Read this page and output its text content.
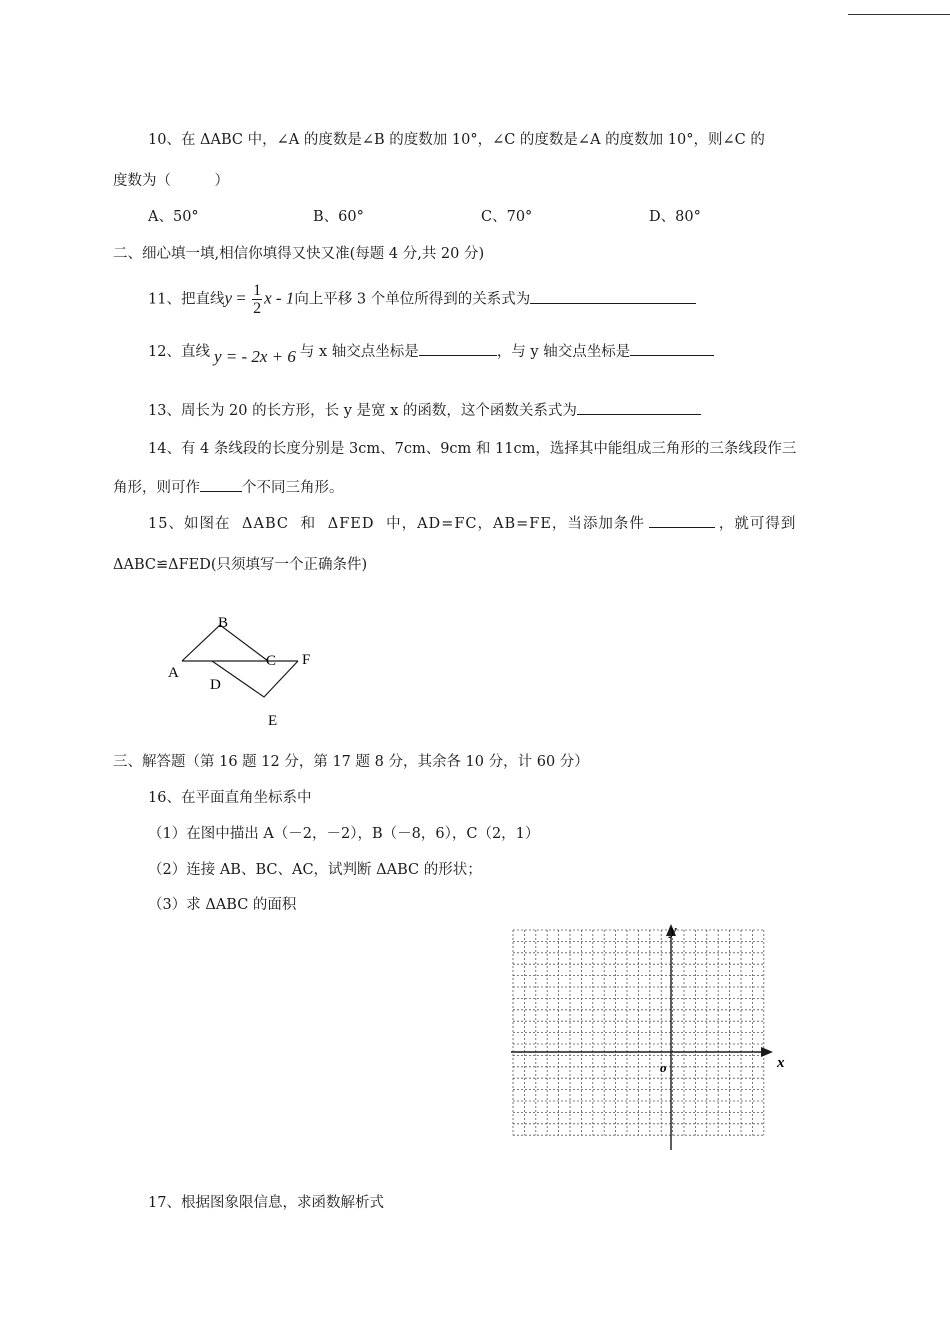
10、在 ΔABC 中，∠A 的度数是∠B 的度数加 10°，∠C 的度数是∠A 的度数加 10°，则∠C 的
度数为（　　　）
A、50°	B、60°	C、70°	D、80°
二、细心填一填,相信你填得又快又准(每题 4 分,共 20 分)
11、把直线$y = \frac{1}{2}$ x - 1向上平移 3 个单位所得到的关系式为
12、直线 y = - 2x + 6 与 x 轴交点坐标是	，与 y 轴交点坐标是
13、周长为 20 的长方形，长 y 是宽 x 的函数，这个函数关系式为
14、有 4 条线段的长度分别是 3cm、7cm、9cm 和 11cm，选择其中能组成三角形的三条线段作三
角形，则可作	个不同三角形。
15、如图在 ΔABC 和 ΔFED 中，AD=FC，AB=FE，当添加条件	，就可得到
ΔABC≌ΔFED(只须填写一个正确条件)
B
A
C F
D
E
三、解答题（第 16 题 12 分，第 17 题 8 分，其余各 10 分，计 60 分）
16、在平面直角坐标系中
（1）在图中描出 A（－2，－2），B（－8，6），C（2，1）
（2）连接 AB、BC、AC，试判断 ΔABC 的形状；
（3）求 ΔABC 的面积
x
y
o
17、根据图象限信息，求函数解析式
